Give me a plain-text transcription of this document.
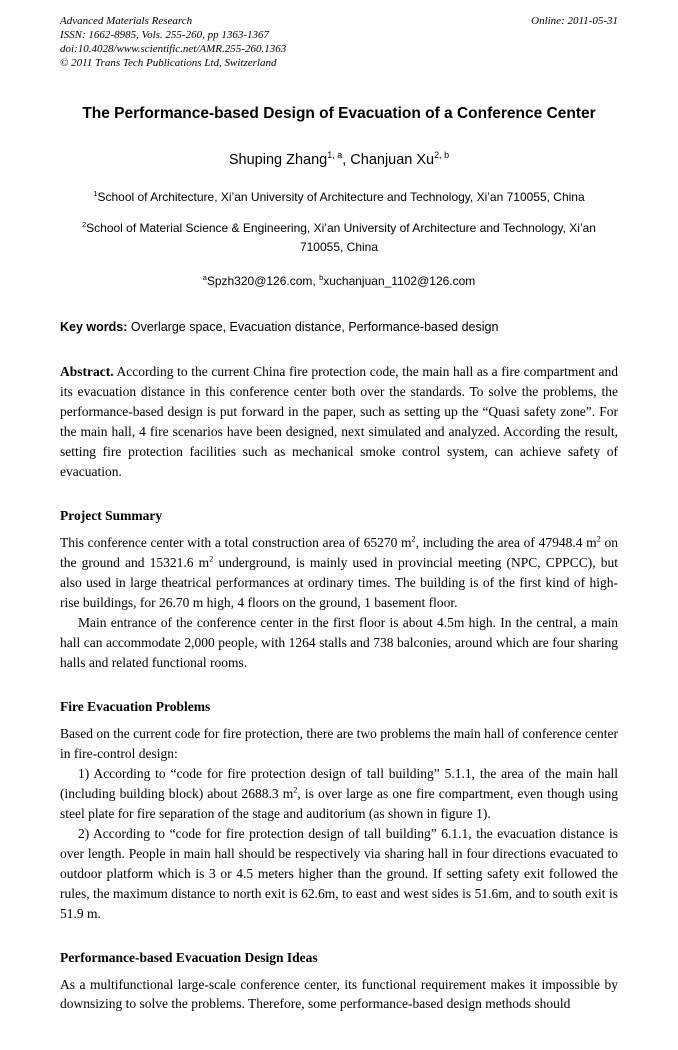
Advanced Materials Research
ISSN: 1662-8985, Vols. 255-260, pp 1363-1367
doi:10.4028/www.scientific.net/AMR.255-260.1363
© 2011 Trans Tech Publications Ltd, Switzerland
Online: 2011-05-31
The Performance-based Design of Evacuation of a Conference Center
Shuping Zhang$^{1, a}$, Chanjuan Xu$^{2, b}$
$^1$School of Architecture, Xi’an University of Architecture and Technology, Xi’an 710055, China
$^2$School of Material Science & Engineering, Xi’an University of Architecture and Technology, Xi’an 710055, China
$^a$Spzh320@126.com, $^b$xuchanjuan_1102@126.com
Key words: Overlarge space, Evacuation distance, Performance-based design

Abstract. According to the current China fire protection code, the main hall as a fire compartment and its evacuation distance in this conference center both over the standards. To solve the problems, the performance-based design is put forward in the paper, such as setting up the “Quasi safety zone”. For the main hall, 4 fire scenarios have been designed, next simulated and analyzed. According the result, setting fire protection facilities such as mechanical smoke control system, can achieve safety of evacuation.

Project Summary

This conference center with a total construction area of 65270 $m^2$, including the area of 47948.4 $m^2$ on the ground and 15321.6 $m^2$ underground, is mainly used in provincial meeting (NPC, CPPCC), but also used in large theatrical performances at ordinary times. The building is of the first kind of high-rise buildings, for 26.70 m high, 4 floors on the ground, 1 basement floor.

Main entrance of the conference center in the first floor is about 4.5m high. In the central, a main hall can accommodate 2,000 people, with 1264 stalls and 738 balconies, around which are four sharing halls and related functional rooms.

Fire Evacuation Problems

Based on the current code for fire protection, there are two problems the main hall of conference center in fire-control design:

1) According to “code for fire protection design of tall building” 5.1.1, the area of the main hall (including building block) about 2688.3 $m^2$, is over large as one fire compartment, even though using steel plate for fire separation of the stage and auditorium (as shown in figure 1).

2) According to “code for fire protection design of tall building” 6.1.1, the evacuation distance is over length. People in main hall should be respectively via sharing hall in four directions evacuated to outdoor platform which is 3 or 4.5 meters higher than the ground. If setting safety exit followed the rules, the maximum distance to north exit is 62.6m, to east and west sides is 51.6m, and to south exit is 51.9 m.

Performance-based Evacuation Design Ideas

As a multifunctional large-scale conference center, its functional requirement makes it impossible by downsizing to solve the problems. Therefore, some performance-based design methods should
